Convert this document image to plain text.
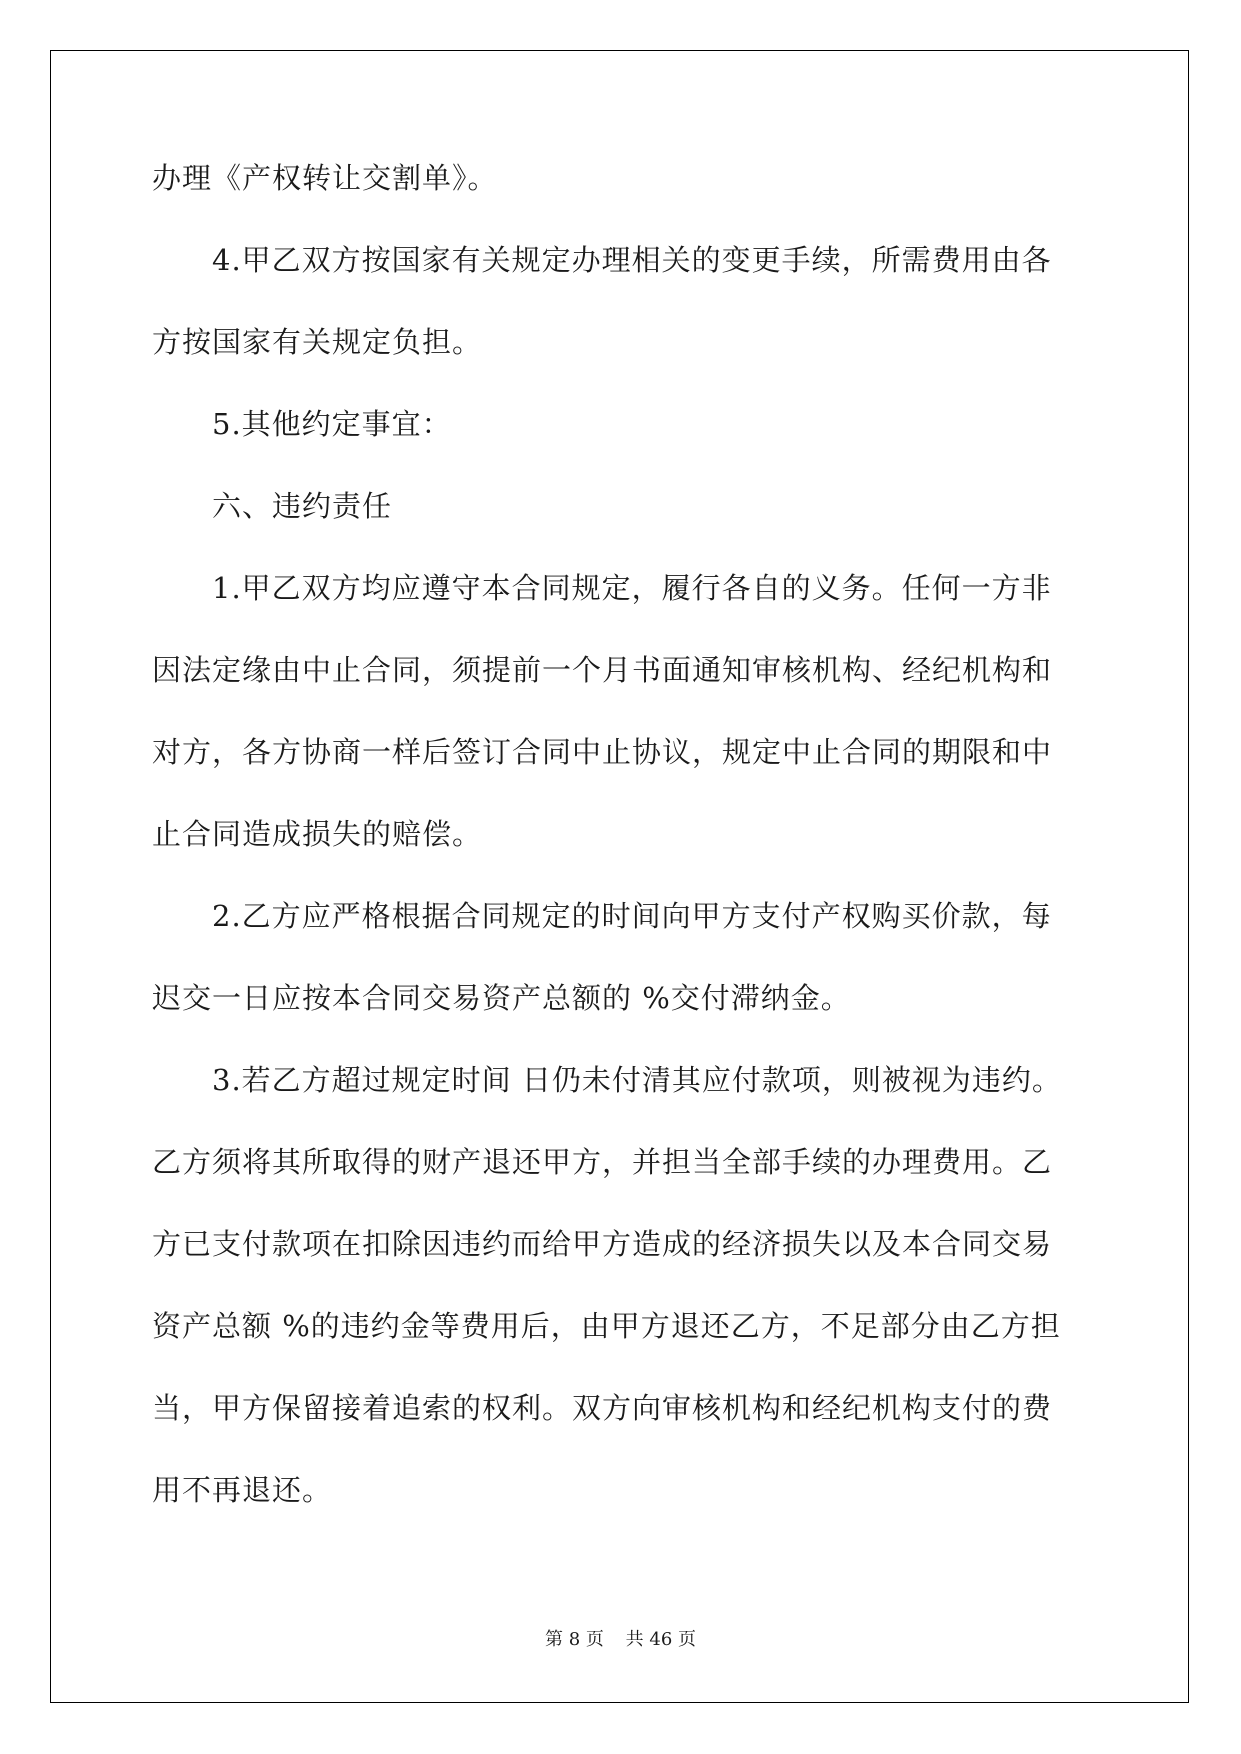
办理《产权转让交割单》。
4.甲乙双方按国家有关规定办理相关的变更手续，所需费用由各
方按国家有关规定负担。
5.其他约定事宜：
六、违约责任
1.甲乙双方均应遵守本合同规定，履行各自的义务。任何一方非
因法定缘由中止合同，须提前一个月书面通知审核机构、经纪机构和
对方，各方协商一样后签订合同中止协议，规定中止合同的期限和中
止合同造成损失的赔偿。
2.乙方应严格根据合同规定的时间向甲方支付产权购买价款，每
迟交一日应按本合同交易资产总额的 %交付滞纳金。
3.若乙方超过规定时间 日仍未付清其应付款项，则被视为违约。
乙方须将其所取得的财产退还甲方，并担当全部手续的办理费用。乙
方已支付款项在扣除因违约而给甲方造成的经济损失以及本合同交易
资产总额 %的违约金等费用后，由甲方退还乙方，不足部分由乙方担
当，甲方保留接着追索的权利。双方向审核机构和经纪机构支付的费
用不再退还。
第 8 页 共 46 页
